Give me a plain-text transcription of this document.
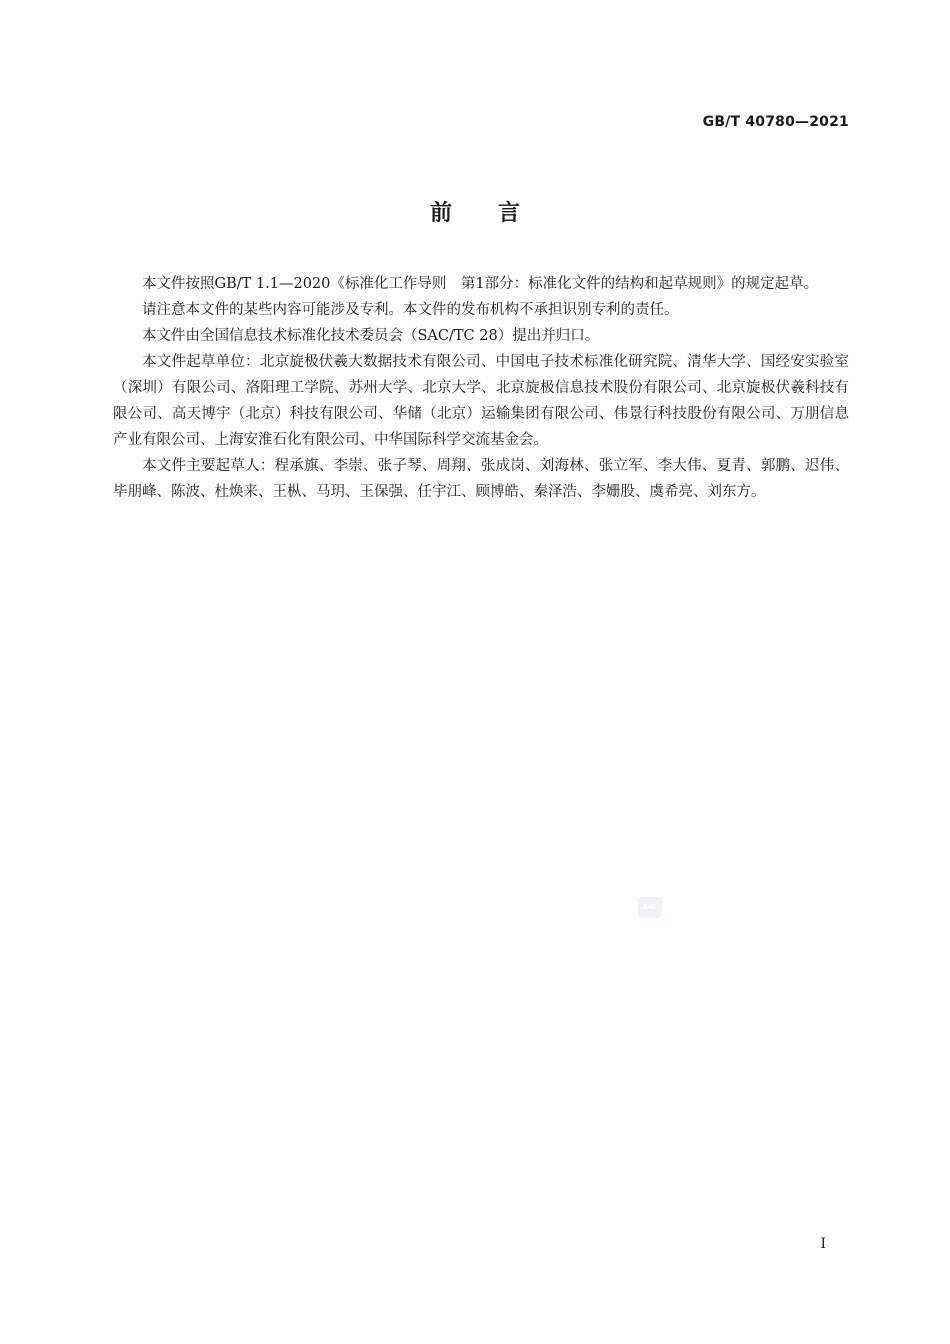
GB/T 40780—2021
前言

本文件按照GB/T 1.1—2020《标准化工作导则　第1部分：标准化文件的结构和起草规则》的规定起草。

请注意本文件的某些内容可能涉及专利。本文件的发布机构不承担识别专利的责任。

本文件由全国信息技术标准化技术委员会（SAC/TC 28）提出并归口。

本文件起草单位：北京旋极伏羲大数据技术有限公司、中国电子技术标准化研究院、清华大学、国经安实验室（深圳）有限公司、洛阳理工学院、苏州大学、北京大学、北京旋极信息技术股份有限公司、北京旋极伏羲科技有限公司、高天博宇（北京）科技有限公司、华储（北京）运输集团有限公司、伟景行科技股份有限公司、万朋信息产业有限公司、上海安淮石化有限公司、中华国际科学交流基金会。

本文件主要起草人：程承旗、李崇、张子琴、周翔、张成岗、刘海林、张立军、李大伟、夏青、郭鹏、迟伟、毕朋峰、陈波、杜焕来、王枞、马玥、王保强、任宇江、顾博皓、秦泽浩、李姗股、虞希亮、刘东方。

SAC
I
